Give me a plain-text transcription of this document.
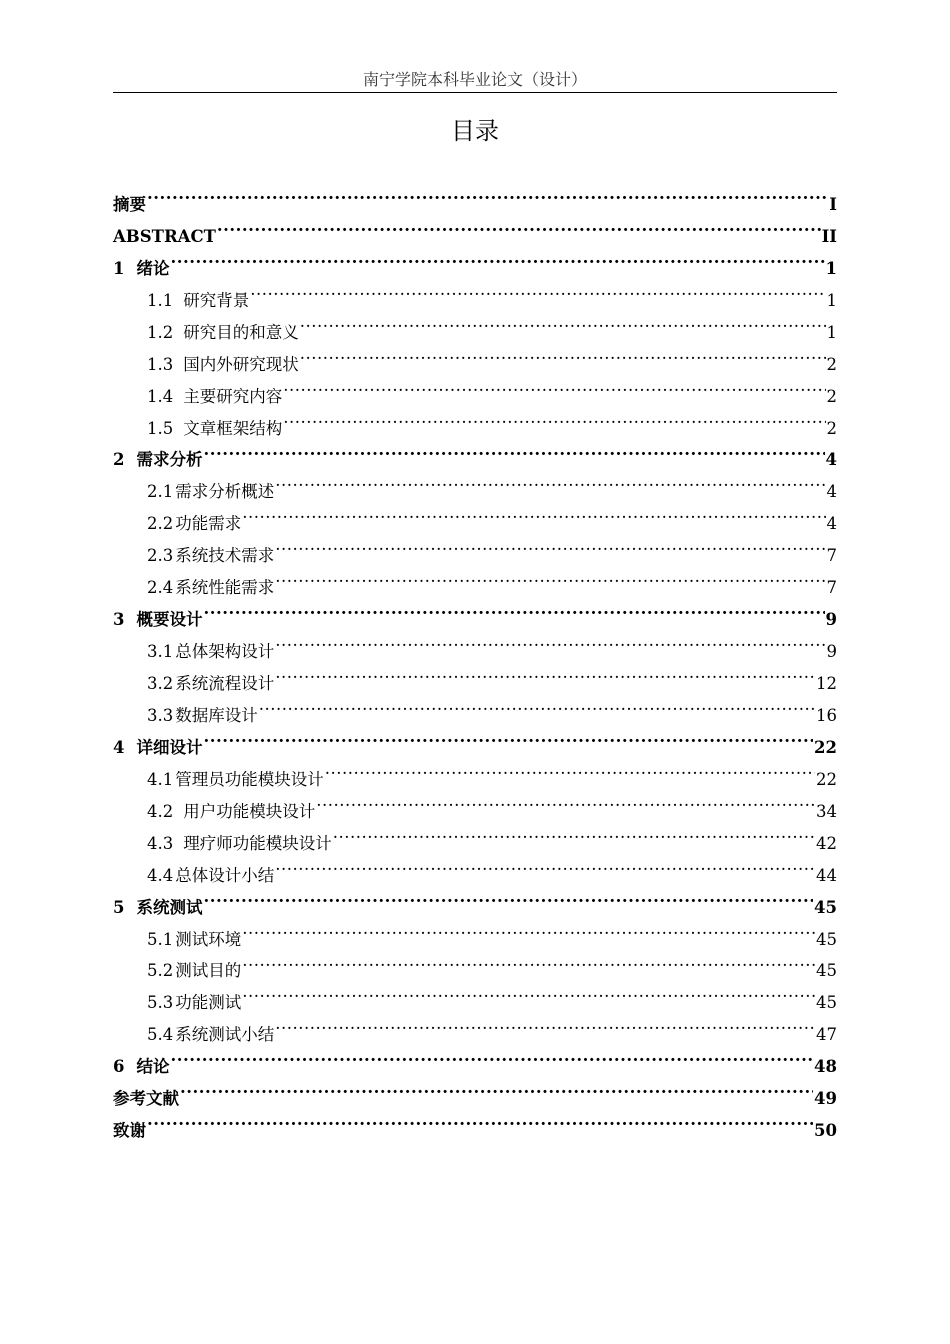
南宁学院本科毕业论文（设计）
目录
摘要 .....	I
ABSTRACT .....	II
1 绪论 .....	1
1.1 研究背景 .....	1
1.2 研究目的和意义 .....	1
1.3 国内外研究现状 .....	2
1.4 主要研究内容 .....	2
1.5 文章框架结构 .....	2
2 需求分析 .....	4
2.1 需求分析概述 .....	4
2.2 功能需求 .....	4
2.3 系统技术需求 .....	7
2.4 系统性能需求 .....	7
3 概要设计 .....	9
3.1 总体架构设计 .....	9
3.2 系统流程设计 .....	12
3.3 数据库设计 .....	16
4 详细设计 .....	22
4.1 管理员功能模块设计 .....	22
4.2 用户功能模块设计 .....	34
4.3 理疗师功能模块设计 .....	42
4.4 总体设计小结 .....	44
5 系统测试 .....	45
5.1 测试环境 .....	45
5.2 测试目的 .....	45
5.3 功能测试 .....	45
5.4 系统测试小结 .....	47
6 结论 .....	48
参考文献 .....	49
致谢 .....	50
